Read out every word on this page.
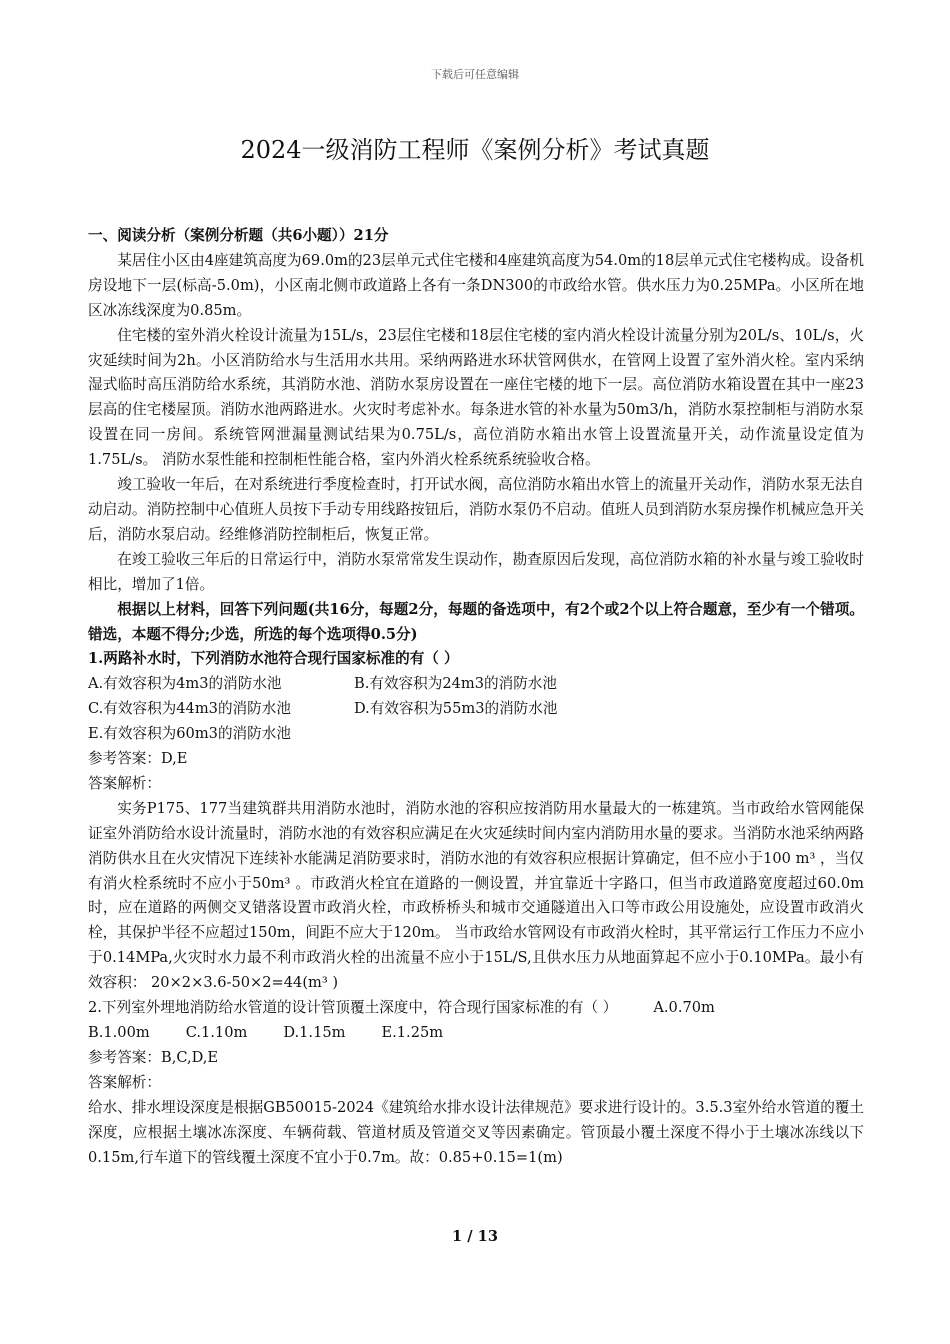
下载后可任意编辑
2024一级消防工程师《案例分析》考试真题

一、阅读分析（案例分析题（共6小题））21分

某居住小区由4座建筑高度为69.0m的23层单元式住宅楼和4座建筑高度为54.0m的18层单元式住宅楼构成。设备机房设地下一层(标高-5.0m)，小区南北侧市政道路上各有一条DN300的市政给水管。供水压力为0.25MPa。小区所在地区冰冻线深度为0.85m。

住宅楼的室外消火栓设计流量为15L/s，23层住宅楼和18层住宅楼的室内消火栓设计流量分别为20L/s、10L/s，火灾延续时间为2h。小区消防给水与生活用水共用。采纳两路进水环状管网供水，在管网上设置了室外消火栓。室内采纳湿式临时高压消防给水系统，其消防水池、消防水泵房设置在一座住宅楼的地下一层。高位消防水箱设置在其中一座23层高的住宅楼屋顶。消防水池两路进水。火灾时考虑补水。每条进水管的补水量为50m3/h，消防水泵控制柜与消防水泵设置在同一房间。系统管网泄漏量测试结果为0.75L/s，高位消防水箱出水管上设置流量开关，动作流量设定值为1.75L/s。 消防水泵性能和控制柜性能合格，室内外消火栓系统系统验收合格。

竣工验收一年后，在对系统进行季度检查时，打开试水阀，高位消防水箱出水管上的流量开关动作，消防水泵无法自动启动。消防控制中心值班人员按下手动专用线路按钮后，消防水泵仍不启动。值班人员到消防水泵房操作机械应急开关后，消防水泵启动。经维修消防控制柜后，恢复正常。

在竣工验收三年后的日常运行中，消防水泵常常发生误动作，勘查原因后发现，高位消防水箱的补水量与竣工验收时相比，增加了1倍。

根据以上材料，回答下列问题(共16分，每题2分，每题的备选项中，有2个或2个以上符合题意，至少有一个错项。错选，本题不得分;少选，所选的每个选项得0.5分)

1.两路补水时，下列消防水池符合现行国家标准的有（ ）

A.有效容积为4m3的消防水池	B.有效容积为24m3的消防水池
C.有效容积为44m3的消防水池	D.有效容积为55m3的消防水池

E.有效容积为60m3的消防水池

参考答案：D,E

答案解析：

实务P175、177当建筑群共用消防水池时，消防水池的容积应按消防用水量最大的一栋建筑。当市政给水管网能保证室外消防给水设计流量时，消防水池的有效容积应满足在火灾延续时间内室内消防用水量的要求。当消防水池采纳两路消防供水且在火灾情况下连续补水能满足消防要求时，消防水池的有效容积应根据计算确定，但不应小于100 m³ ，当仅有消火栓系统时不应小于50m³ 。市政消火栓宜在道路的一侧设置，并宜靠近十字路口，但当市政道路宽度超过60.0m时，应在道路的两侧交叉错落设置市政消火栓，市政桥桥头和城市交通隧道出入口等市政公用设施处，应设置市政消火栓，其保护半径不应超过150m，间距不应大于120m。 当市政给水管网设有市政消火栓时，其平常运行工作压力不应小于0.14MPa,火灾时水力最不利市政消火栓的出流量不应小于15L/S,且供水压力从地面算起不应小于0.10MPa。最小有效容积： 20×2×3.6-50×2=44(m³ )

2.下列室外埋地消防给水管道的设计管顶覆土深度中，符合现行国家标准的有（ ） A.0.70m

B.1.00m C.1.10m D.1.15m E.1.25m

参考答案：B,C,D,E

答案解析：

给水、排水埋设深度是根据GB50015-2024《建筑给水排水设计法律规范》要求进行设计的。3.5.3室外给水管道的覆土深度，应根据土壤冰冻深度、车辆荷载、管道材质及管道交叉等因素确定。管顶最小覆土深度不得小于土壤冰冻线以下0.15m,行车道下的管线覆土深度不宜小于0.7m。故：0.85+0.15=1(m)

1 / 13
